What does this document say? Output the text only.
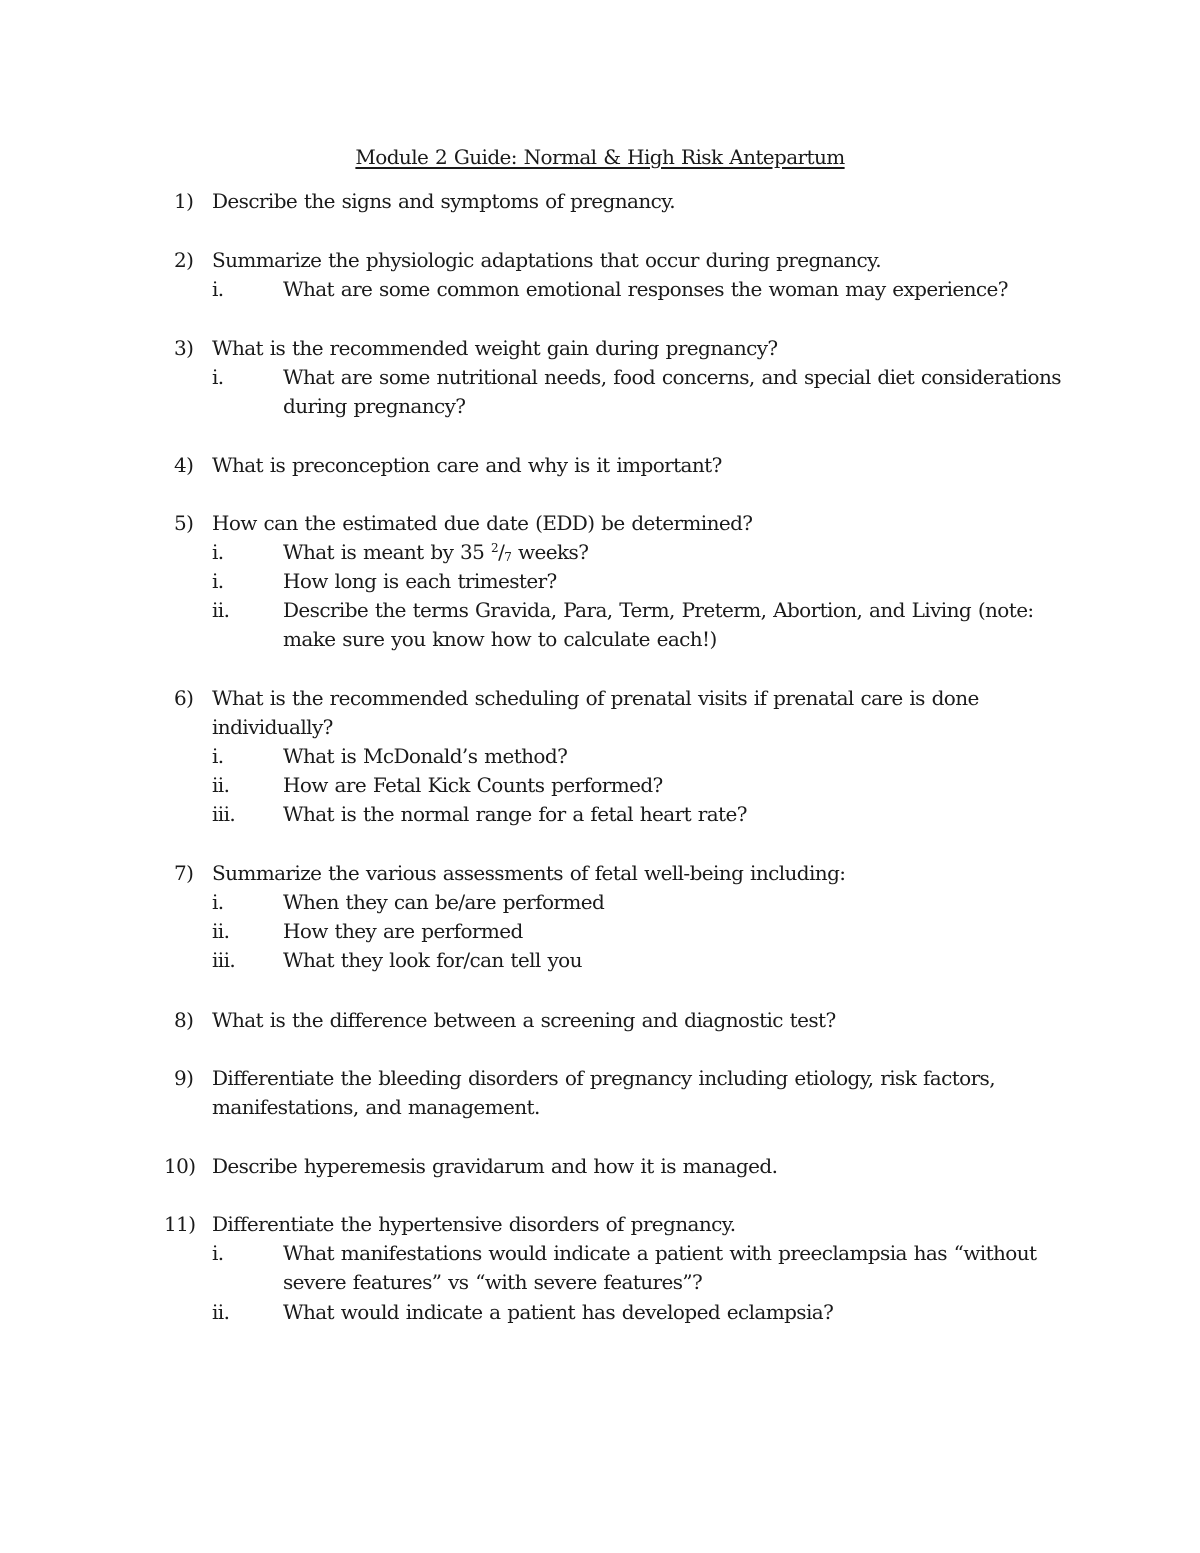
Module 2 Guide: Normal & High Risk Antepartum
1) Describe the signs and symptoms of pregnancy.
2) Summarize the physiologic adaptations that occur during pregnancy.
i.	What are some common emotional responses the woman may experience?
3) What is the recommended weight gain during pregnancy?
i.	What are some nutritional needs, food concerns, and special diet considerations
during pregnancy?
4) What is preconception care and why is it important?
5) How can the estimated due date (EDD) be determined?
i.	What is meant by 35 $^2/_7$ weeks?
i.	How long is each trimester?
ii.	Describe the terms Gravida, Para, Term, Preterm, Abortion, and Living (note:
make sure you know how to calculate each!)
6) What is the recommended scheduling of prenatal visits if prenatal care is done
individually?
i.	What is McDonald’s method?
ii.	How are Fetal Kick Counts performed?
iii. What is the normal range for a fetal heart rate?
7) Summarize the various assessments of fetal well-being including:
i.	When they can be/are performed
ii.	How they are performed
iii. What they look for/can tell you
8) What is the difference between a screening and diagnostic test?
9) Differentiate the bleeding disorders of pregnancy including etiology, risk factors,
manifestations, and management.
10) Describe hyperemesis gravidarum and how it is managed.
11) Differentiate the hypertensive disorders of pregnancy.
i.	What manifestations would indicate a patient with preeclampsia has “without
severe features” vs “with severe features”?
ii.	What would indicate a patient has developed eclampsia?
